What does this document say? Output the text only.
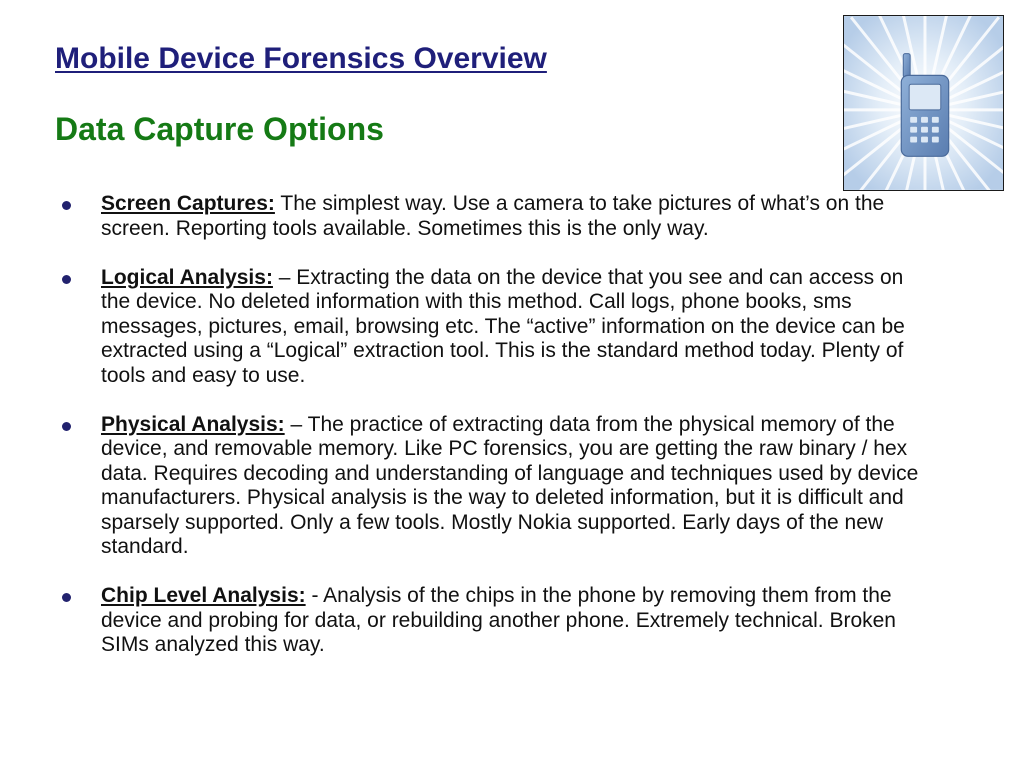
Mobile Device Forensics Overview
Data Capture Options
Screen Captures: The simplest way. Use a camera to take pictures of what’s on the screen. Reporting tools available. Sometimes this is the only way.
Logical Analysis: – Extracting the data on the device that you see and can access on the device. No deleted information with this method. Call logs, phone books, sms messages, pictures, email, browsing etc. The “active” information on the device can be extracted using a “Logical” extraction tool. This is the standard method today. Plenty of tools and easy to use.
Physical Analysis: – The practice of extracting data from the physical memory of the device, and removable memory. Like PC forensics, you are getting the raw binary / hex data. Requires decoding and understanding of language and techniques used by device manufacturers. Physical analysis is the way to deleted information, but it is difficult and sparsely supported. Only a few tools. Mostly Nokia supported. Early days of the new standard.
Chip Level Analysis: - Analysis of the chips in the phone by removing them from the device and probing for data, or rebuilding another phone. Extremely technical. Broken SIMs analyzed this way.
